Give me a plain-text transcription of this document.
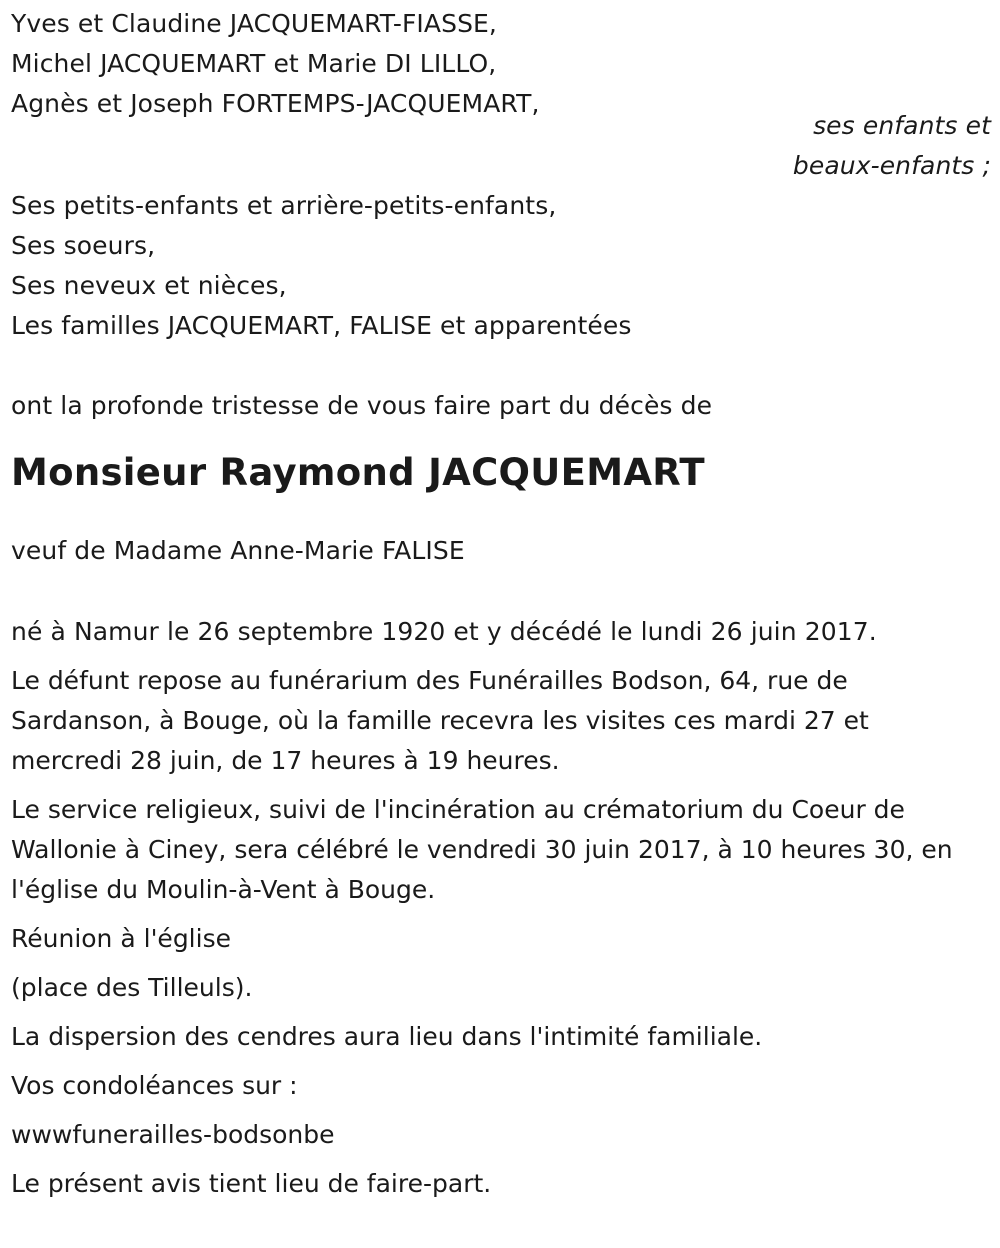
Yves et Claudine JACQUEMART-FIASSE,
Michel JACQUEMART et Marie DI LILLO,
Agnès et Joseph FORTEMPS-JACQUEMART,
ses enfants et
beaux-enfants ;
Ses petits-enfants et arrière-petits-enfants,
Ses soeurs,
Ses neveux et nièces,
Les familles JACQUEMART, FALISE et apparentées
ont la profonde tristesse de vous faire part du décès de
Monsieur Raymond JACQUEMART
veuf de Madame Anne-Marie FALISE
né à Namur le 26 septembre 1920 et y décédé le lundi 26 juin 2017.
Le défunt repose au funérarium des Funérailles Bodson, 64, rue de
Sardanson, à Bouge, où la famille recevra les visites ces mardi 27 et
mercredi 28 juin, de 17 heures à 19 heures.
Le service religieux, suivi de l'incinération au crématorium du Coeur de
Wallonie à Ciney, sera célébré le vendredi 30 juin 2017, à 10 heures 30, en
l'église du Moulin-à-Vent à Bouge.
Réunion à l'église
(place des Tilleuls).
La dispersion des cendres aura lieu dans l'intimité familiale.
Vos condoléances sur :
wwwfunerailles-bodsonbe
Le présent avis tient lieu de faire-part.
